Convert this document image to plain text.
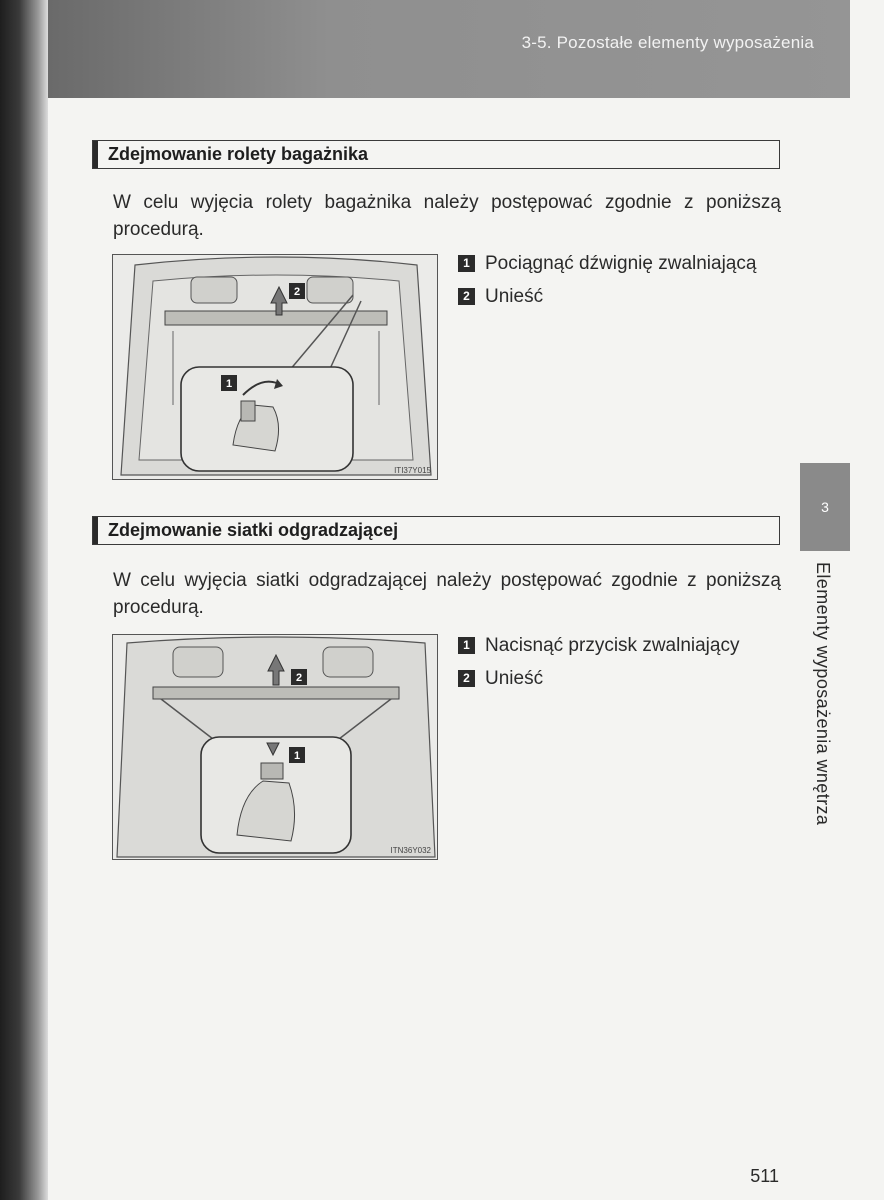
3-5. Pozostałe elementy wyposażenia
Zdejmowanie rolety bagażnika

W celu wyjęcia rolety bagażnika należy postępować zgodnie z poniższą procedurą.

2
1
ITI37Y015
1 Pociągnąć dźwignię zwalniającą
2 Unieść
Zdejmowanie siatki odgradzającej

W celu wyjęcia siatki odgradzającej należy postępować zgodnie z poniższą procedurą.

2
1
ITN36Y032
1 Nacisnąć przycisk zwalniający
2 Unieść
3
Elementy wyposażenia wnętrza
511
